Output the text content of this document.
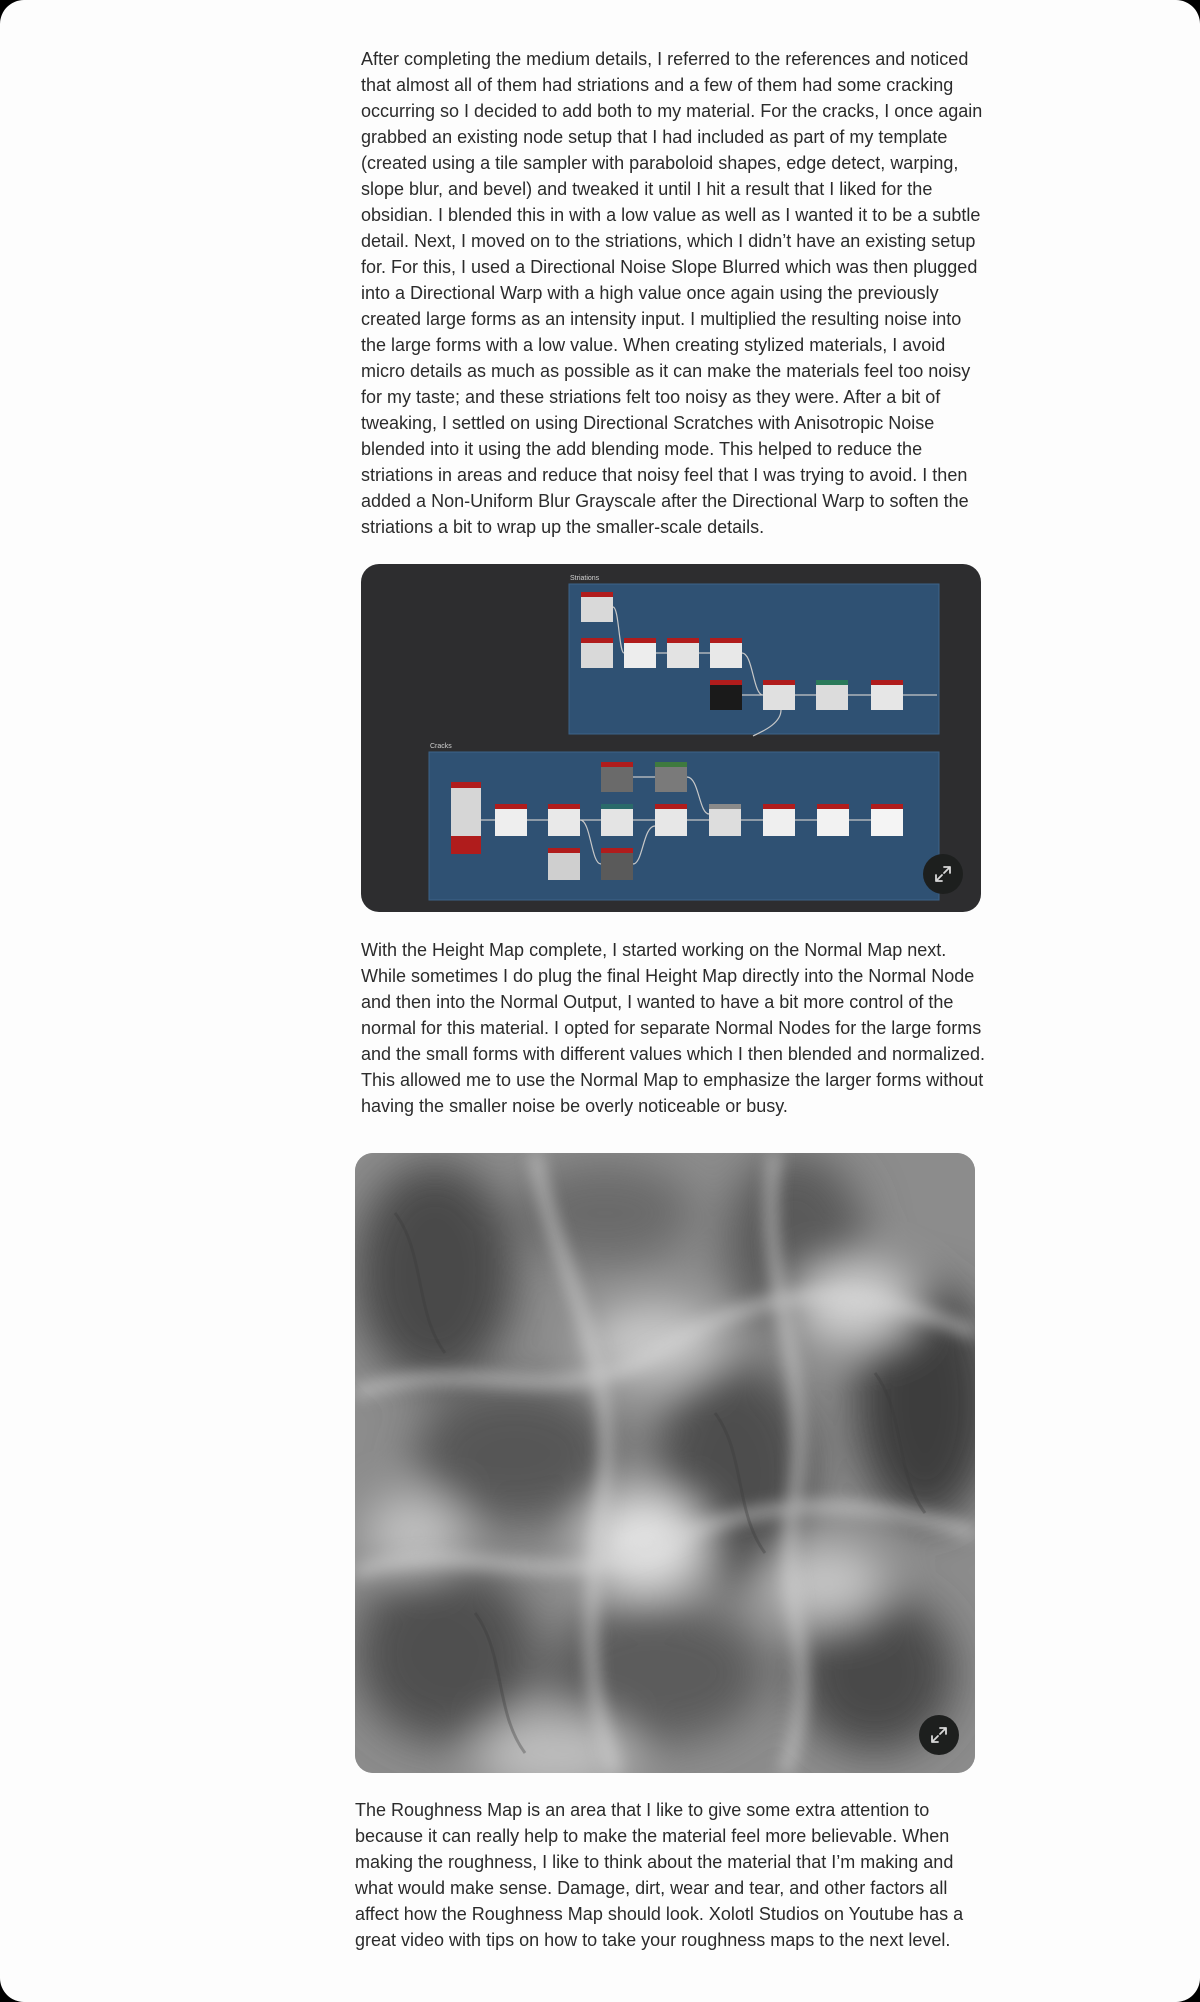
After completing the medium details, I referred to the references and noticed that almost all of them had striations and a few of them had some cracking occurring so I decided to add both to my material. For the cracks, I once again grabbed an existing node setup that I had included as part of my template (created using a tile sampler with paraboloid shapes, edge detect, warping, slope blur, and bevel) and tweaked it until I hit a result that I liked for the obsidian. I blended this in with a low value as well as I wanted it to be a subtle detail. Next, I moved on to the striations, which I didn’t have an existing setup for. For this, I used a Directional Noise Slope Blurred which was then plugged into a Directional Warp with a high value once again using the previously created large forms as an intensity input. I multiplied the resulting noise into the large forms with a low value. When creating stylized materials, I avoid micro details as much as possible as it can make the materials feel too noisy for my taste; and these striations felt too noisy as they were. After a bit of tweaking, I settled on using Directional Scratches with Anisotropic Noise blended into it using the add blending mode. This helped to reduce the striations in areas and reduce that noisy feel that I was trying to avoid. I then added a Non-Uniform Blur Grayscale after the Directional Warp to soften the striations a bit to wrap up the smaller-scale details.

Striations
Cracks

With the Height Map complete, I started working on the Normal Map next. While sometimes I do plug the final Height Map directly into the Normal Node and then into the Normal Output, I wanted to have a bit more control of the normal for this material. I opted for separate Normal Nodes for the large forms and the small forms with different values which I then blended and normalized. This allowed me to use the Normal Map to emphasize the larger forms without having the smaller noise be overly noticeable or busy.

The Roughness Map is an area that I like to give some extra attention to because it can really help to make the material feel more believable. When making the roughness, I like to think about the material that I’m making and what would make sense. Damage, dirt, wear and tear, and other factors all affect how the Roughness Map should look. Xolotl Studios on Youtube has a great video with tips on how to take your roughness maps to the next level.
